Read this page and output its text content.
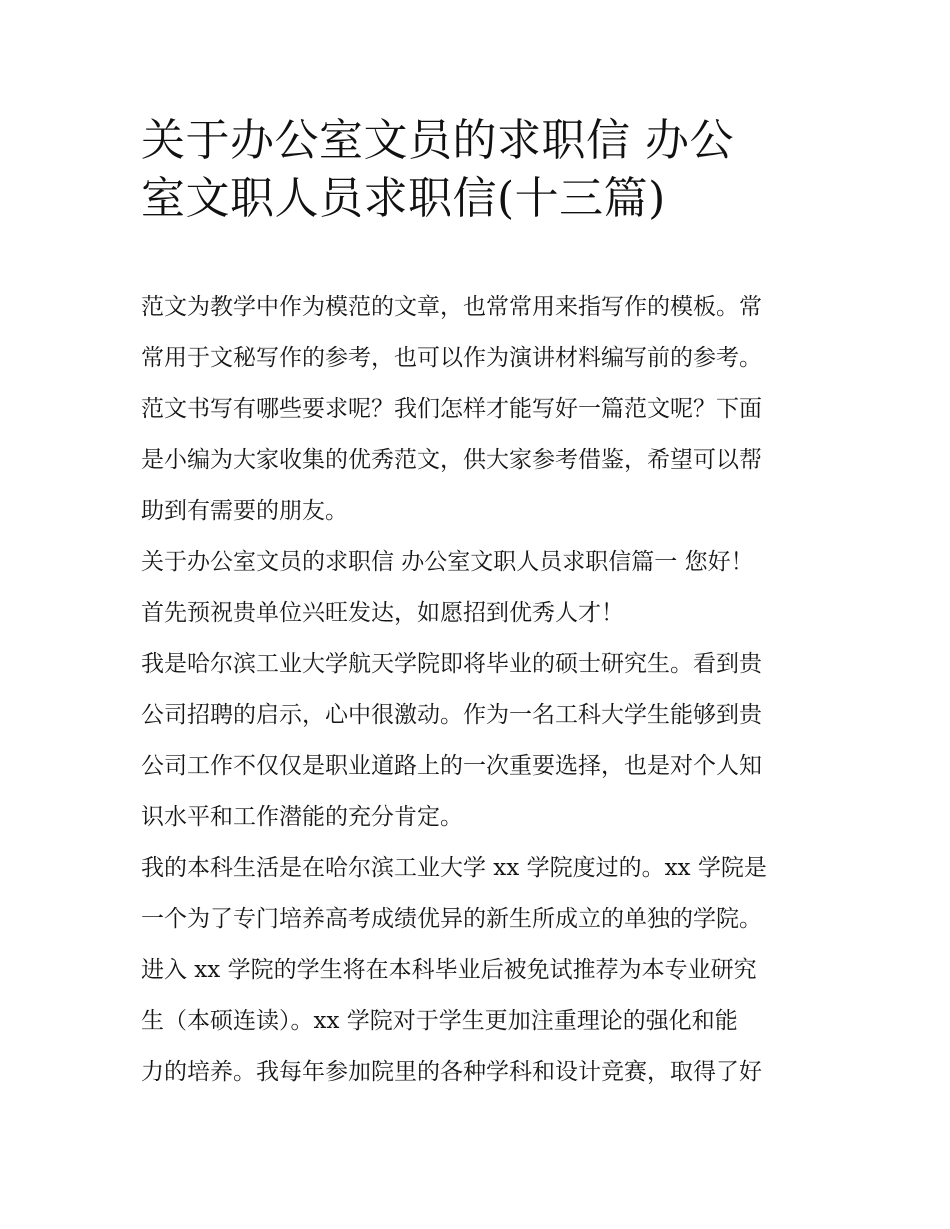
关于办公室文员的求职信 办公
室文职人员求职信(十三篇)
范文为教学中作为模范的文章，也常常用来指写作的模板。常
常用于文秘写作的参考，也可以作为演讲材料编写前的参考。
范文书写有哪些要求呢？我们怎样才能写好一篇范文呢？下面
是小编为大家收集的优秀范文，供大家参考借鉴，希望可以帮
助到有需要的朋友。
关于办公室文员的求职信 办公室文职人员求职信篇一 您好！
首先预祝贵单位兴旺发达，如愿招到优秀人才！
我是哈尔滨工业大学航天学院即将毕业的硕士研究生。看到贵
公司招聘的启示，心中很激动。作为一名工科大学生能够到贵
公司工作不仅仅是职业道路上的一次重要选择，也是对个人知
识水平和工作潜能的充分肯定。
我的本科生活是在哈尔滨工业大学 xx 学院度过的。xx 学院是
一个为了专门培养高考成绩优异的新生所成立的单独的学院。
进入 xx 学院的学生将在本科毕业后被免试推荐为本专业研究
生（本硕连读）。xx 学院对于学生更加注重理论的强化和能
力的培养。我每年参加院里的各种学科和设计竞赛，取得了好
